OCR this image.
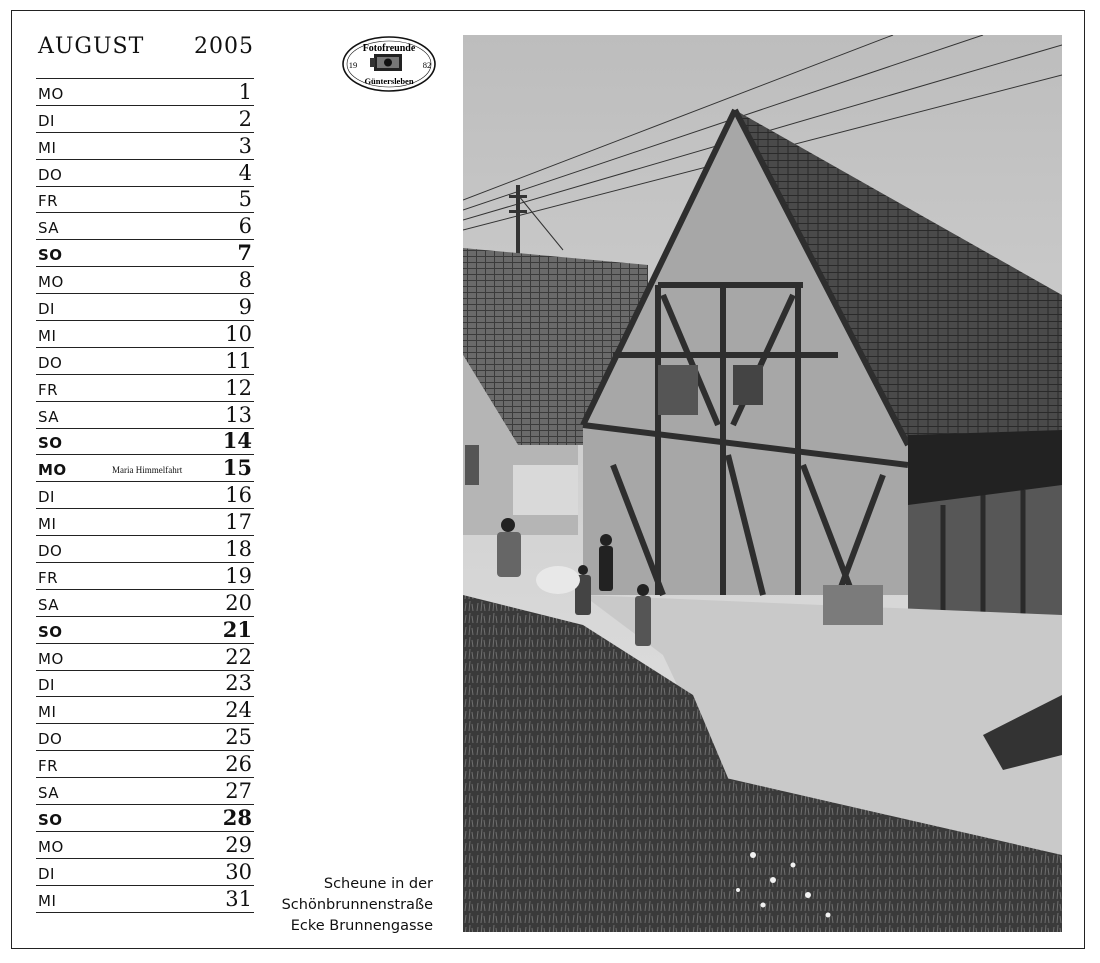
AUGUST 2005
MO	1
DI	2
MI	3
DO	4
FR	5
SA	6
SO	7
MO	8
DI	9
MI	10
DO	11
FR	12
SA	13
SO	14
MO	Maria Himmelfahrt 15
DI	16
MI	17
DO	18
FR	19
SA	20
SO	21
MO	22
DI	23
MI	24
DO	25
FR	26
SA	27
SO	28
MO	29
DI	30
MI	31
Fotofreunde
19	82
Güntersleben
Scheune in der
Schönbrunnenstraße
Ecke Brunnengasse
